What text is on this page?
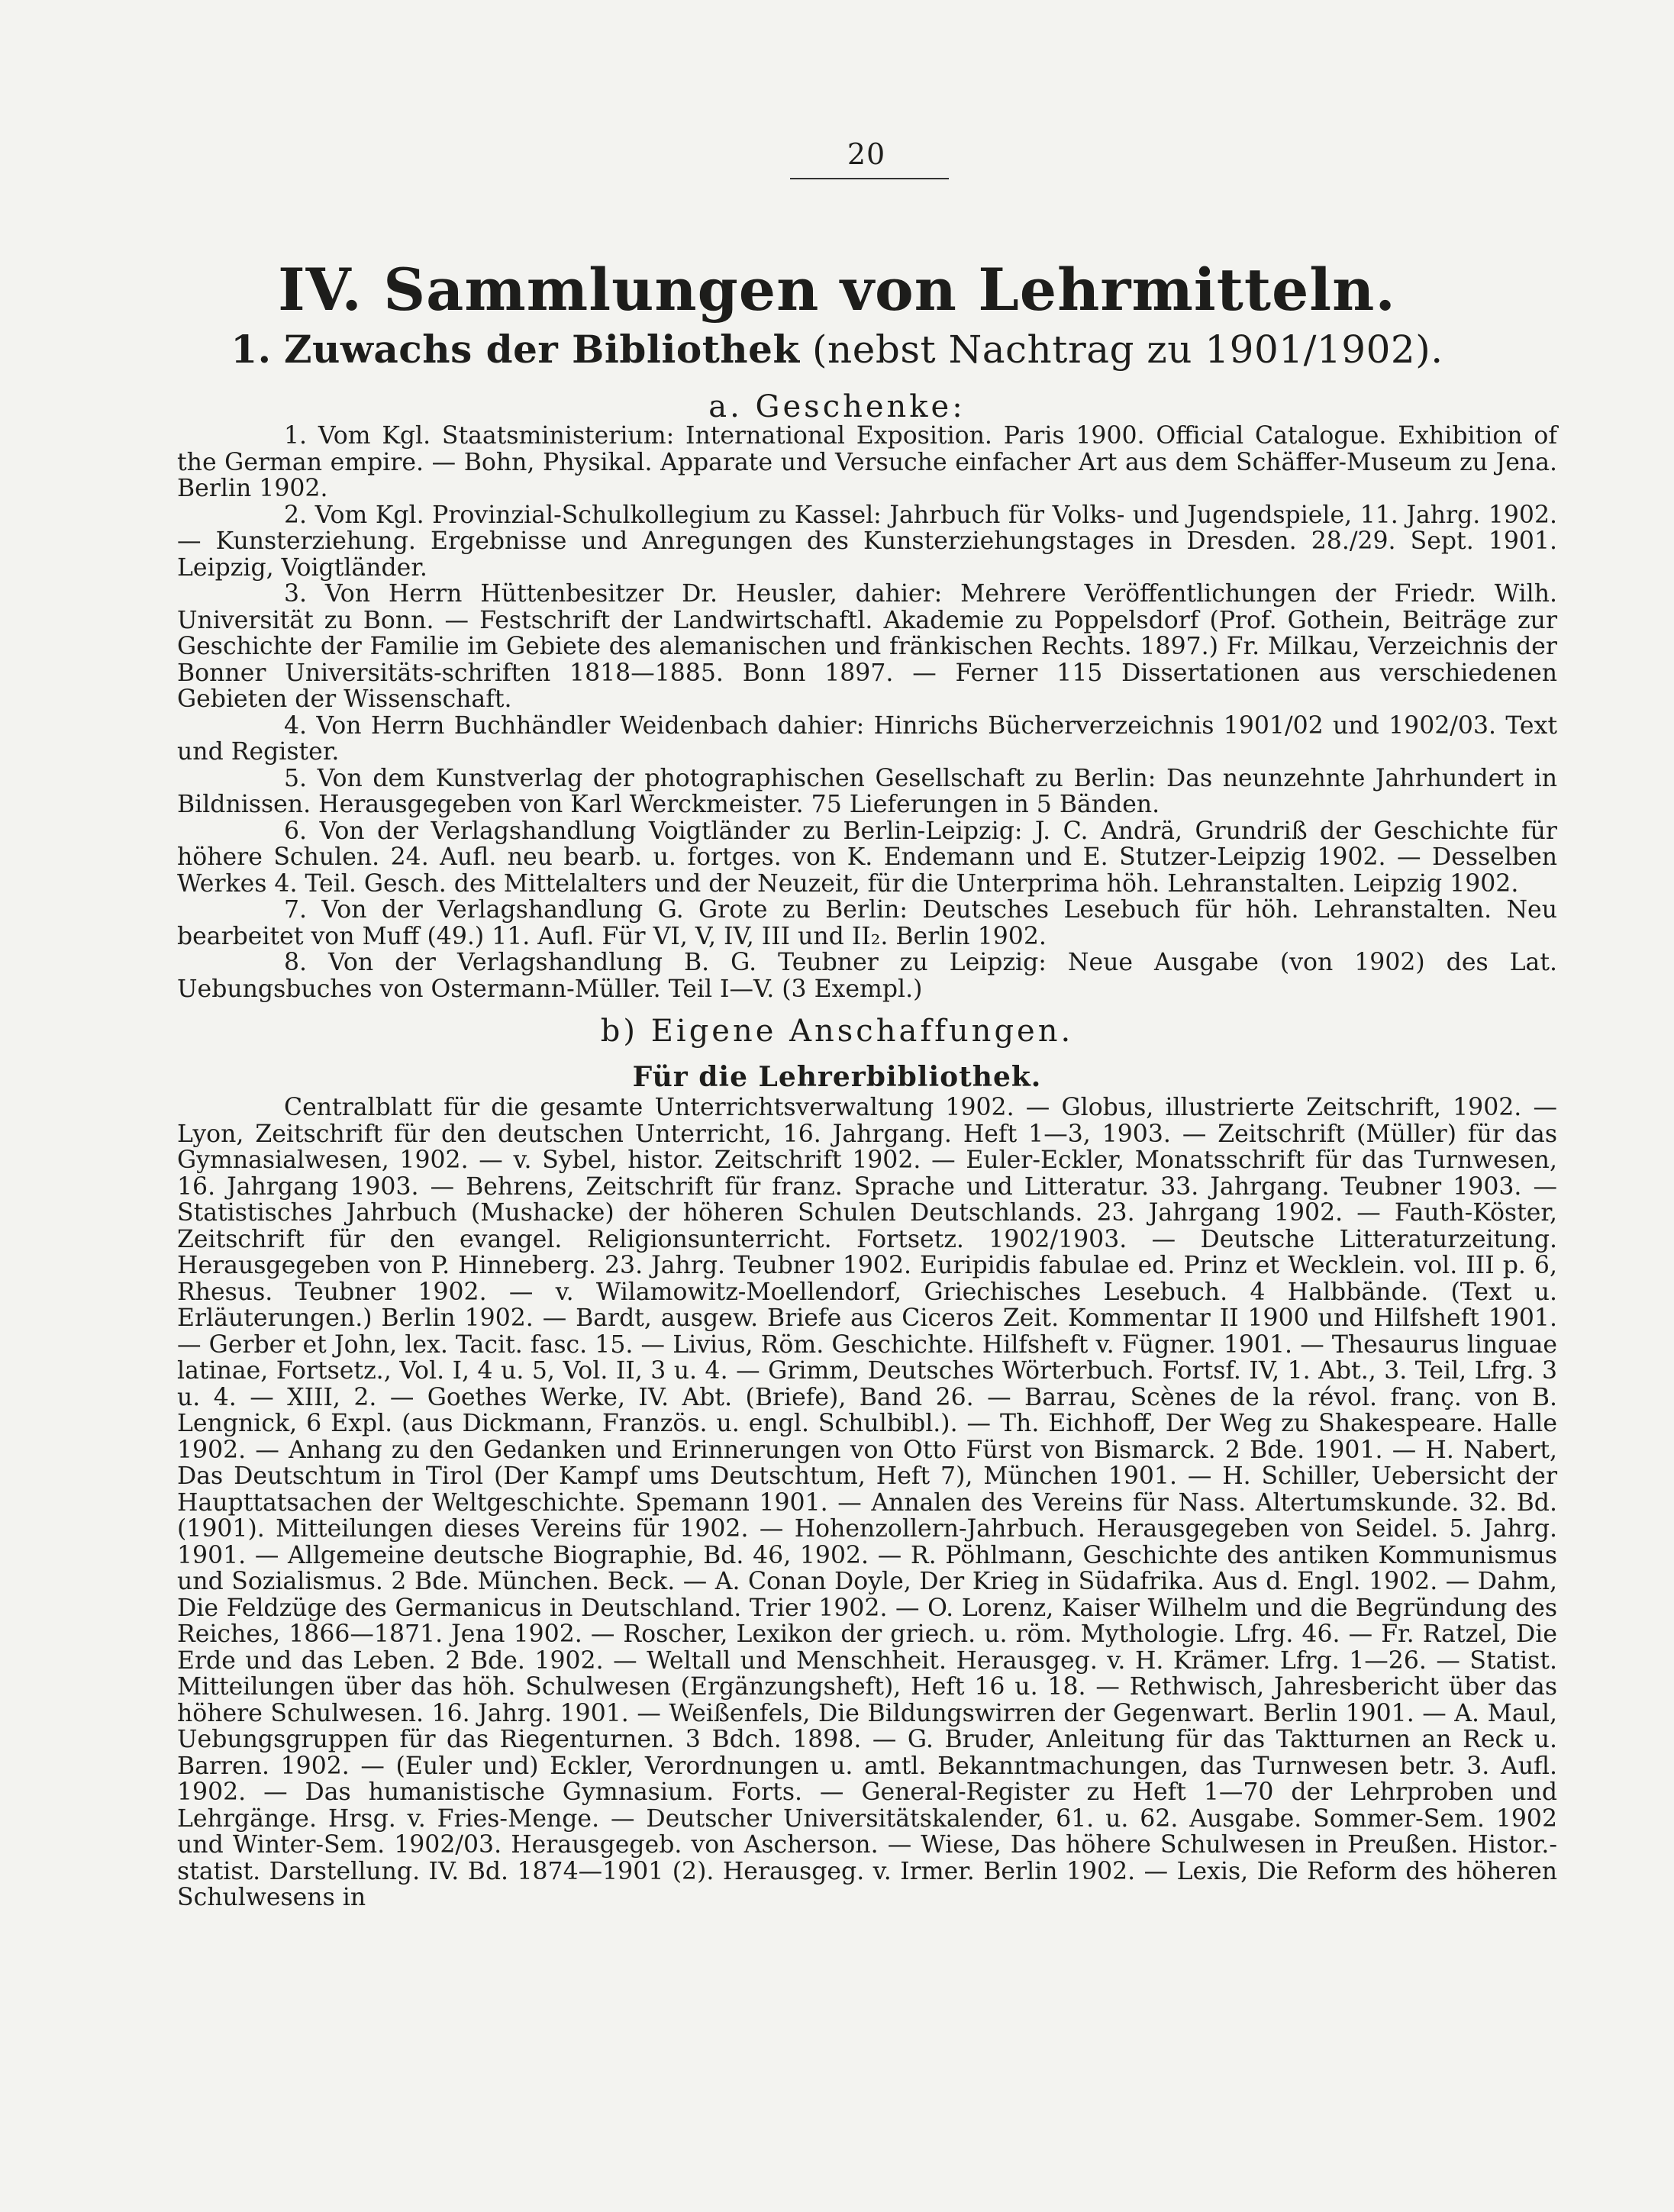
20
IV. Sammlungen von Lehrmitteln.
1. Zuwachs der Bibliothek (nebst Nachtrag zu 1901/1902).
a. Geschenke:

1. Vom Kgl. Staatsministerium: International Exposition. Paris 1900. Official Catalogue. Exhibition of the German empire. — Bohn, Physikal. Apparate und Versuche einfacher Art aus dem Schäffer-Museum zu Jena. Berlin 1902.

2. Vom Kgl. Provinzial-Schulkollegium zu Kassel: Jahrbuch für Volks- und Jugendspiele, 11. Jahrg. 1902. — Kunsterziehung. Ergebnisse und Anregungen des Kunsterziehungstages in Dresden. 28./29. Sept. 1901. Leipzig, Voigtländer.

3. Von Herrn Hüttenbesitzer Dr. Heusler, dahier: Mehrere Veröffentlichungen der Friedr. Wilh. Universität zu Bonn. — Festschrift der Landwirtschaftl. Akademie zu Poppelsdorf (Prof. Gothein, Beiträge zur Geschichte der Familie im Gebiete des alemanischen und fränkischen Rechts. 1897.) Fr. Milkau, Verzeichnis der Bonner Universitäts-schriften 1818—1885. Bonn 1897. — Ferner 115 Dissertationen aus verschiedenen Gebieten der Wissenschaft.

4. Von Herrn Buchhändler Weidenbach dahier: Hinrichs Bücherverzeichnis 1901/02 und 1902/03. Text und Register.

5. Von dem Kunstverlag der photographischen Gesellschaft zu Berlin: Das neunzehnte Jahrhundert in Bildnissen. Herausgegeben von Karl Werckmeister. 75 Lieferungen in 5 Bänden.

6. Von der Verlagshandlung Voigtländer zu Berlin-Leipzig: J. C. Andrä, Grundriß der Geschichte für höhere Schulen. 24. Aufl. neu bearb. u. fortges. von K. Endemann und E. Stutzer-Leipzig 1902. — Desselben Werkes 4. Teil. Gesch. des Mittelalters und der Neuzeit, für die Unterprima höh. Lehranstalten. Leipzig 1902.

7. Von der Verlagshandlung G. Grote zu Berlin: Deutsches Lesebuch für höh. Lehranstalten. Neu bearbeitet von Muff (49.) 11. Aufl. Für VI, V, IV, III und II₂. Berlin 1902.

8. Von der Verlagshandlung B. G. Teubner zu Leipzig: Neue Ausgabe (von 1902) des Lat. Uebungsbuches von Ostermann-Müller. Teil I—V. (3 Exempl.)

b) Eigene Anschaffungen.
Für die Lehrerbibliothek.

Centralblatt für die gesamte Unterrichtsverwaltung 1902. — Globus, illustrierte Zeitschrift, 1902. — Lyon, Zeitschrift für den deutschen Unterricht, 16. Jahrgang. Heft 1—3, 1903. — Zeitschrift (Müller) für das Gymnasialwesen, 1902. — v. Sybel, histor. Zeitschrift 1902. — Euler-Eckler, Monatsschrift für das Turnwesen, 16. Jahrgang 1903. — Behrens, Zeitschrift für franz. Sprache und Litteratur. 33. Jahrgang. Teubner 1903. — Statistisches Jahrbuch (Mushacke) der höheren Schulen Deutschlands. 23. Jahrgang 1902. — Fauth-Köster, Zeitschrift für den evangel. Religionsunterricht. Fortsetz. 1902/1903. — Deutsche Litteraturzeitung. Herausgegeben von P. Hinneberg. 23. Jahrg. Teubner 1902. Euripidis fabulae ed. Prinz et Wecklein. vol. III p. 6, Rhesus. Teubner 1902. — v. Wilamowitz-Moellendorf, Griechisches Lesebuch. 4 Halbbände. (Text u. Erläuterungen.) Berlin 1902. — Bardt, ausgew. Briefe aus Ciceros Zeit. Kommentar II 1900 und Hilfsheft 1901. — Gerber et John, lex. Tacit. fasc. 15. — Livius, Röm. Geschichte. Hilfsheft v. Fügner. 1901. — Thesaurus linguae latinae, Fortsetz., Vol. I, 4 u. 5, Vol. II, 3 u. 4. — Grimm, Deutsches Wörterbuch. Fortsf. IV, 1. Abt., 3. Teil, Lfrg. 3 u. 4. — XIII, 2. — Goethes Werke, IV. Abt. (Briefe), Band 26. — Barrau, Scènes de la révol. franç. von B. Lengnick, 6 Expl. (aus Dickmann, Französ. u. engl. Schulbibl.). — Th. Eichhoff, Der Weg zu Shakespeare. Halle 1902. — Anhang zu den Gedanken und Erinnerungen von Otto Fürst von Bismarck. 2 Bde. 1901. — H. Nabert, Das Deutschtum in Tirol (Der Kampf ums Deutschtum, Heft 7), München 1901. — H. Schiller, Uebersicht der Haupttatsachen der Weltgeschichte. Spemann 1901. — Annalen des Vereins für Nass. Altertumskunde. 32. Bd. (1901). Mitteilungen dieses Vereins für 1902. — Hohenzollern-Jahrbuch. Herausgegeben von Seidel. 5. Jahrg. 1901. — Allgemeine deutsche Biographie, Bd. 46, 1902. — R. Pöhlmann, Geschichte des antiken Kommunismus und Sozialismus. 2 Bde. München. Beck. — A. Conan Doyle, Der Krieg in Südafrika. Aus d. Engl. 1902. — Dahm, Die Feldzüge des Germanicus in Deutschland. Trier 1902. — O. Lorenz, Kaiser Wilhelm und die Begründung des Reiches, 1866—1871. Jena 1902. — Roscher, Lexikon der griech. u. röm. Mythologie. Lfrg. 46. — Fr. Ratzel, Die Erde und das Leben. 2 Bde. 1902. — Weltall und Menschheit. Herausgeg. v. H. Krämer. Lfrg. 1—26. — Statist. Mitteilungen über das höh. Schulwesen (Ergänzungsheft), Heft 16 u. 18. — Rethwisch, Jahresbericht über das höhere Schulwesen. 16. Jahrg. 1901. — Weißenfels, Die Bildungswirren der Gegenwart. Berlin 1901. — A. Maul, Uebungsgruppen für das Riegenturnen. 3 Bdch. 1898. — G. Bruder, Anleitung für das Taktturnen an Reck u. Barren. 1902. — (Euler und) Eckler, Verordnungen u. amtl. Bekanntmachungen, das Turnwesen betr. 3. Aufl. 1902. — Das humanistische Gymnasium. Forts. — General-Register zu Heft 1—70 der Lehrproben und Lehrgänge. Hrsg. v. Fries-Menge. — Deutscher Universitätskalender, 61. u. 62. Ausgabe. Sommer-Sem. 1902 und Winter-Sem. 1902/03. Herausgegeb. von Ascherson. — Wiese, Das höhere Schulwesen in Preußen. Histor.-statist. Darstellung. IV. Bd. 1874—1901 (2). Herausgeg. v. Irmer. Berlin 1902. — Lexis, Die Reform des höheren Schulwesens in
